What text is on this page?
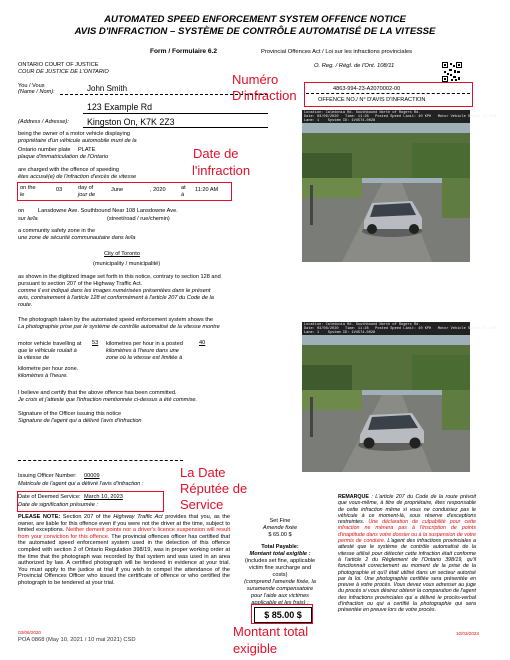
AUTOMATED SPEED ENFORCEMENT SYSTEM OFFENCE NOTICE
AVIS D'INFRACTION – SYSTÈME DE CONTRÔLE AUTOMATISÉ DE LA VITESSE
Form / Formulaire 6.2	Provincial Offences Act / Loi sur les infractions provinciales
O. Reg. / Régl. de l'Ont. 108/11
ONTARIO COURT OF JUSTICE
COUR DE JUSTICE DE L'ONTARIO
You / Vous
(Name / Nom):	John Smith
123 Example Rd
(Address / Adresse): Kingston On, K7K 2Z3
being the owner of a motor vehicle displaying
propriétaire d'un véhicule automobile muni de la
Ontario number plate PLATE
plaque d'immatriculation de l'Ontario
are charged with the offence of speeding
êtes accusé(e) de l'infraction d'excès de vitesse
on the
le
03	day of
jour de
June	, 2020	at
à
11:20 AM
on Lansdowne Ave. Southbound Near 108 Lansdowne Ave.
sur le/la	(street/road / rue/chemin)
a community safety zone in the
une zone de sécurité communautaire dans le/la
City of Toronto
(municipality / municipalité)
as shown in the digitized image set forth in this notice, contrary to section 128 and
pursuant to section 207 of the Highway Traffic Act.
comme il est indiqué dans les images numérisées présentées dans le présent
avis, contrairement à l'article 128 et conformément à l'article 207 du Code de la
route.
The photograph taken by the automated speed enforcement system shows the
La photographie prise par le système de contrôle automatisé de la vitesse montre
motor vehicle travelling at 53 kilometres per hour in a posted	40
que le véhicule roulait à
la vitesse de
kilomètres à l'heure dans une
zone où la vitesse est limitée à
kilometre per hour zone.
kilomètres à l'heure.
I believe and certify that the above offence has been committed.
Je crois et j'atteste que l'infraction mentionnée ci-dessus a été commise.
Signature of the Officer issuing this notice
Signature de l'agent qui a délivré l'avis d'infraction
Issuing Officer Number: 00009
Matricule de l'agent qui a délivré l'avis d'infraction :
Date of Deemed Service: March 10, 2023
Date de signification présumée :
PLEASE NOTE: Section 207 of the Highway Traffic Act provides that you, as the owner, are liable for this offence even if you were not the driver at the time, subject to limited exceptions. Neither demerit points nor a driver's licence suspension will result from your conviction for this offence. The provincial offences officer has certified that the automated speed enforcement system used in the detection of this offence complied with section 2 of Ontario Regulation 398/19, was in proper working order at the time that the photograph was recorded by that system and was used in an area authorized by law. A certified photograph will be tendered in evidence at your trial. You must apply to the justice at trial if you wish to compel the attendance of the Provincial Offences Officer who issued the certificate of offence or who certified the photograph to be tendered at your trial.
03/06/2020
POA 0868 (May 10, 2021 / 10 mai 2021) CSD
4863-994-23-A2070002-00
OFFENCE NO./ N° D'AVIS D'INFRACTION
Location: Caledonia Rd. Southbound North of Rogers Rd.
Date: 03/06/2020   Time: 11:28   Posted Speed Limit: 40 KPH   Motor Vehicle Speed: 53 KPH
Lane: 1    System ID: 1V4574-0028
Location: Caledonia Rd. Southbound North of Rogers Rd.
Date: 03/06/2020   Time: 11:28   Posted Speed Limit: 40 KPH   Motor Vehicle Speed: 53 KPH
Lane: 1    System ID: 1V4574-0028
Set Fine
Amende fixée
$ 65.00 $
Total Payable:
Montant total exigible :
(includes set fine, applicable
victim fine surcharge and
costs)
(comprend l'amende fixée, la
suramende compensatoire
pour l'aide aux victimes
applicable et les frais) :
$ 85.00 $
REMARQUE : L'article 207 du Code de la route prévoit que vous-même, à titre de propriétaire, êtes responsable de cette infraction même si vous ne conduisiez pas le véhicule à ce moment-là, sous réserve d'exceptions restreintes. Une déclaration de culpabilité pour cette infraction ne mènera pas à l'inscription de points d'inaptitude dans votre dossier ou à la suspension de votre permis de conduire. L'agent des infractions provinciales a attesté que le système de contrôle automatisé de la vitesse utilisé pour détecter cette infraction était conforme à l'article 2 du Règlement de l'Ontario 398/19, qu'il fonctionnait correctement au moment de la prise de la photographie et qu'il était utilisé dans un secteur autorisé par la loi. Une photographie certifiée sera présentée en preuve à votre procès. Vous devez vous adresser au juge du procès si vous désirez obtenir la comparution de l'agent des infractions provinciales qui a délivré le procès-verbal d'infraction ou qui a certifié la photographie qui sera présentée en preuve lors de votre procès.
10/03/2023
Numéro
D'infraction
Date de
l'infraction
La Date
Réputée de
Service
Montant total
exigible
